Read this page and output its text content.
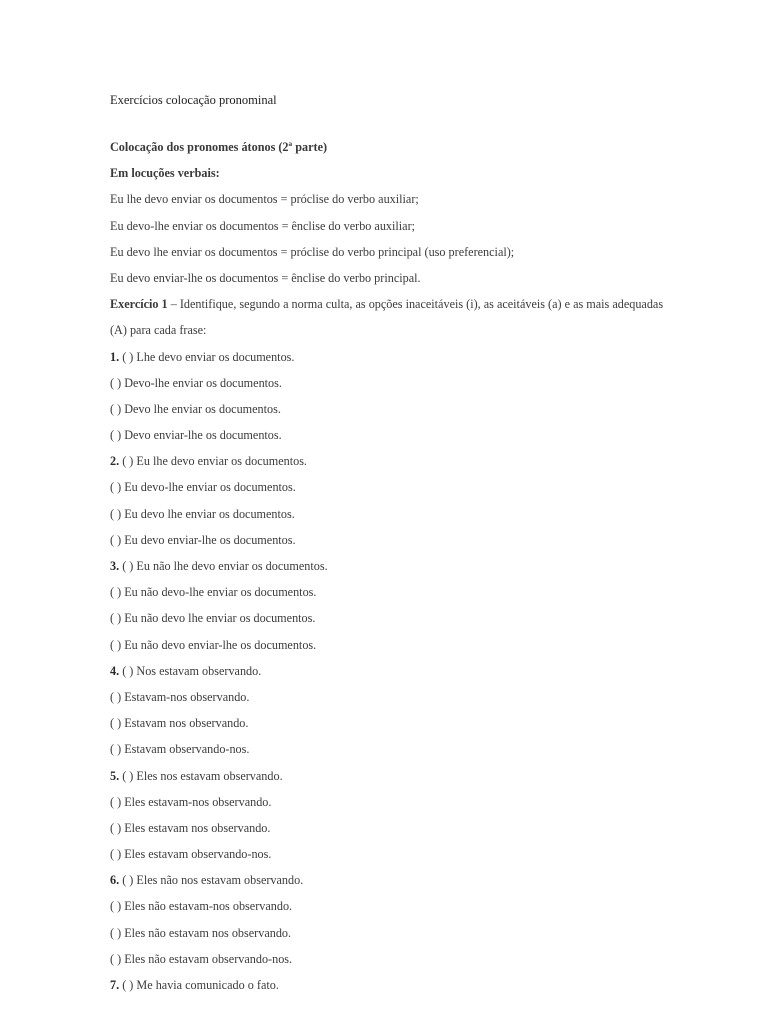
Exercícios colocação pronominal
Colocação dos pronomes átonos (2ª parte)
Em locuções verbais:
Eu lhe devo enviar os documentos = próclise do verbo auxiliar;
Eu devo-lhe enviar os documentos = ênclise do verbo auxiliar;
Eu devo lhe enviar os documentos = próclise do verbo principal (uso preferencial);
Eu devo enviar-lhe os documentos = ênclise do verbo principal.
Exercício 1 – Identifique, segundo a norma culta, as opções inaceitáveis (i), as aceitáveis (a) e as mais adequadas (A) para cada frase:
1. ( ) Lhe devo enviar os documentos.
( ) Devo-lhe enviar os documentos.
( ) Devo lhe enviar os documentos.
( ) Devo enviar-lhe os documentos.
2. ( ) Eu lhe devo enviar os documentos.
( ) Eu devo-lhe enviar os documentos.
( ) Eu devo lhe enviar os documentos.
( ) Eu devo enviar-lhe os documentos.
3. ( ) Eu não lhe devo enviar os documentos.
( ) Eu não devo-lhe enviar os documentos.
( ) Eu não devo lhe enviar os documentos.
( ) Eu não devo enviar-lhe os documentos.
4. ( ) Nos estavam observando.
( ) Estavam-nos observando.
( ) Estavam nos observando.
( ) Estavam observando-nos.
5. ( ) Eles nos estavam observando.
( ) Eles estavam-nos observando.
( ) Eles estavam nos observando.
( ) Eles estavam observando-nos.
6. ( ) Eles não nos estavam observando.
( ) Eles não estavam-nos observando.
( ) Eles não estavam nos observando.
( ) Eles não estavam observando-nos.
7. ( ) Me havia comunicado o fato.
